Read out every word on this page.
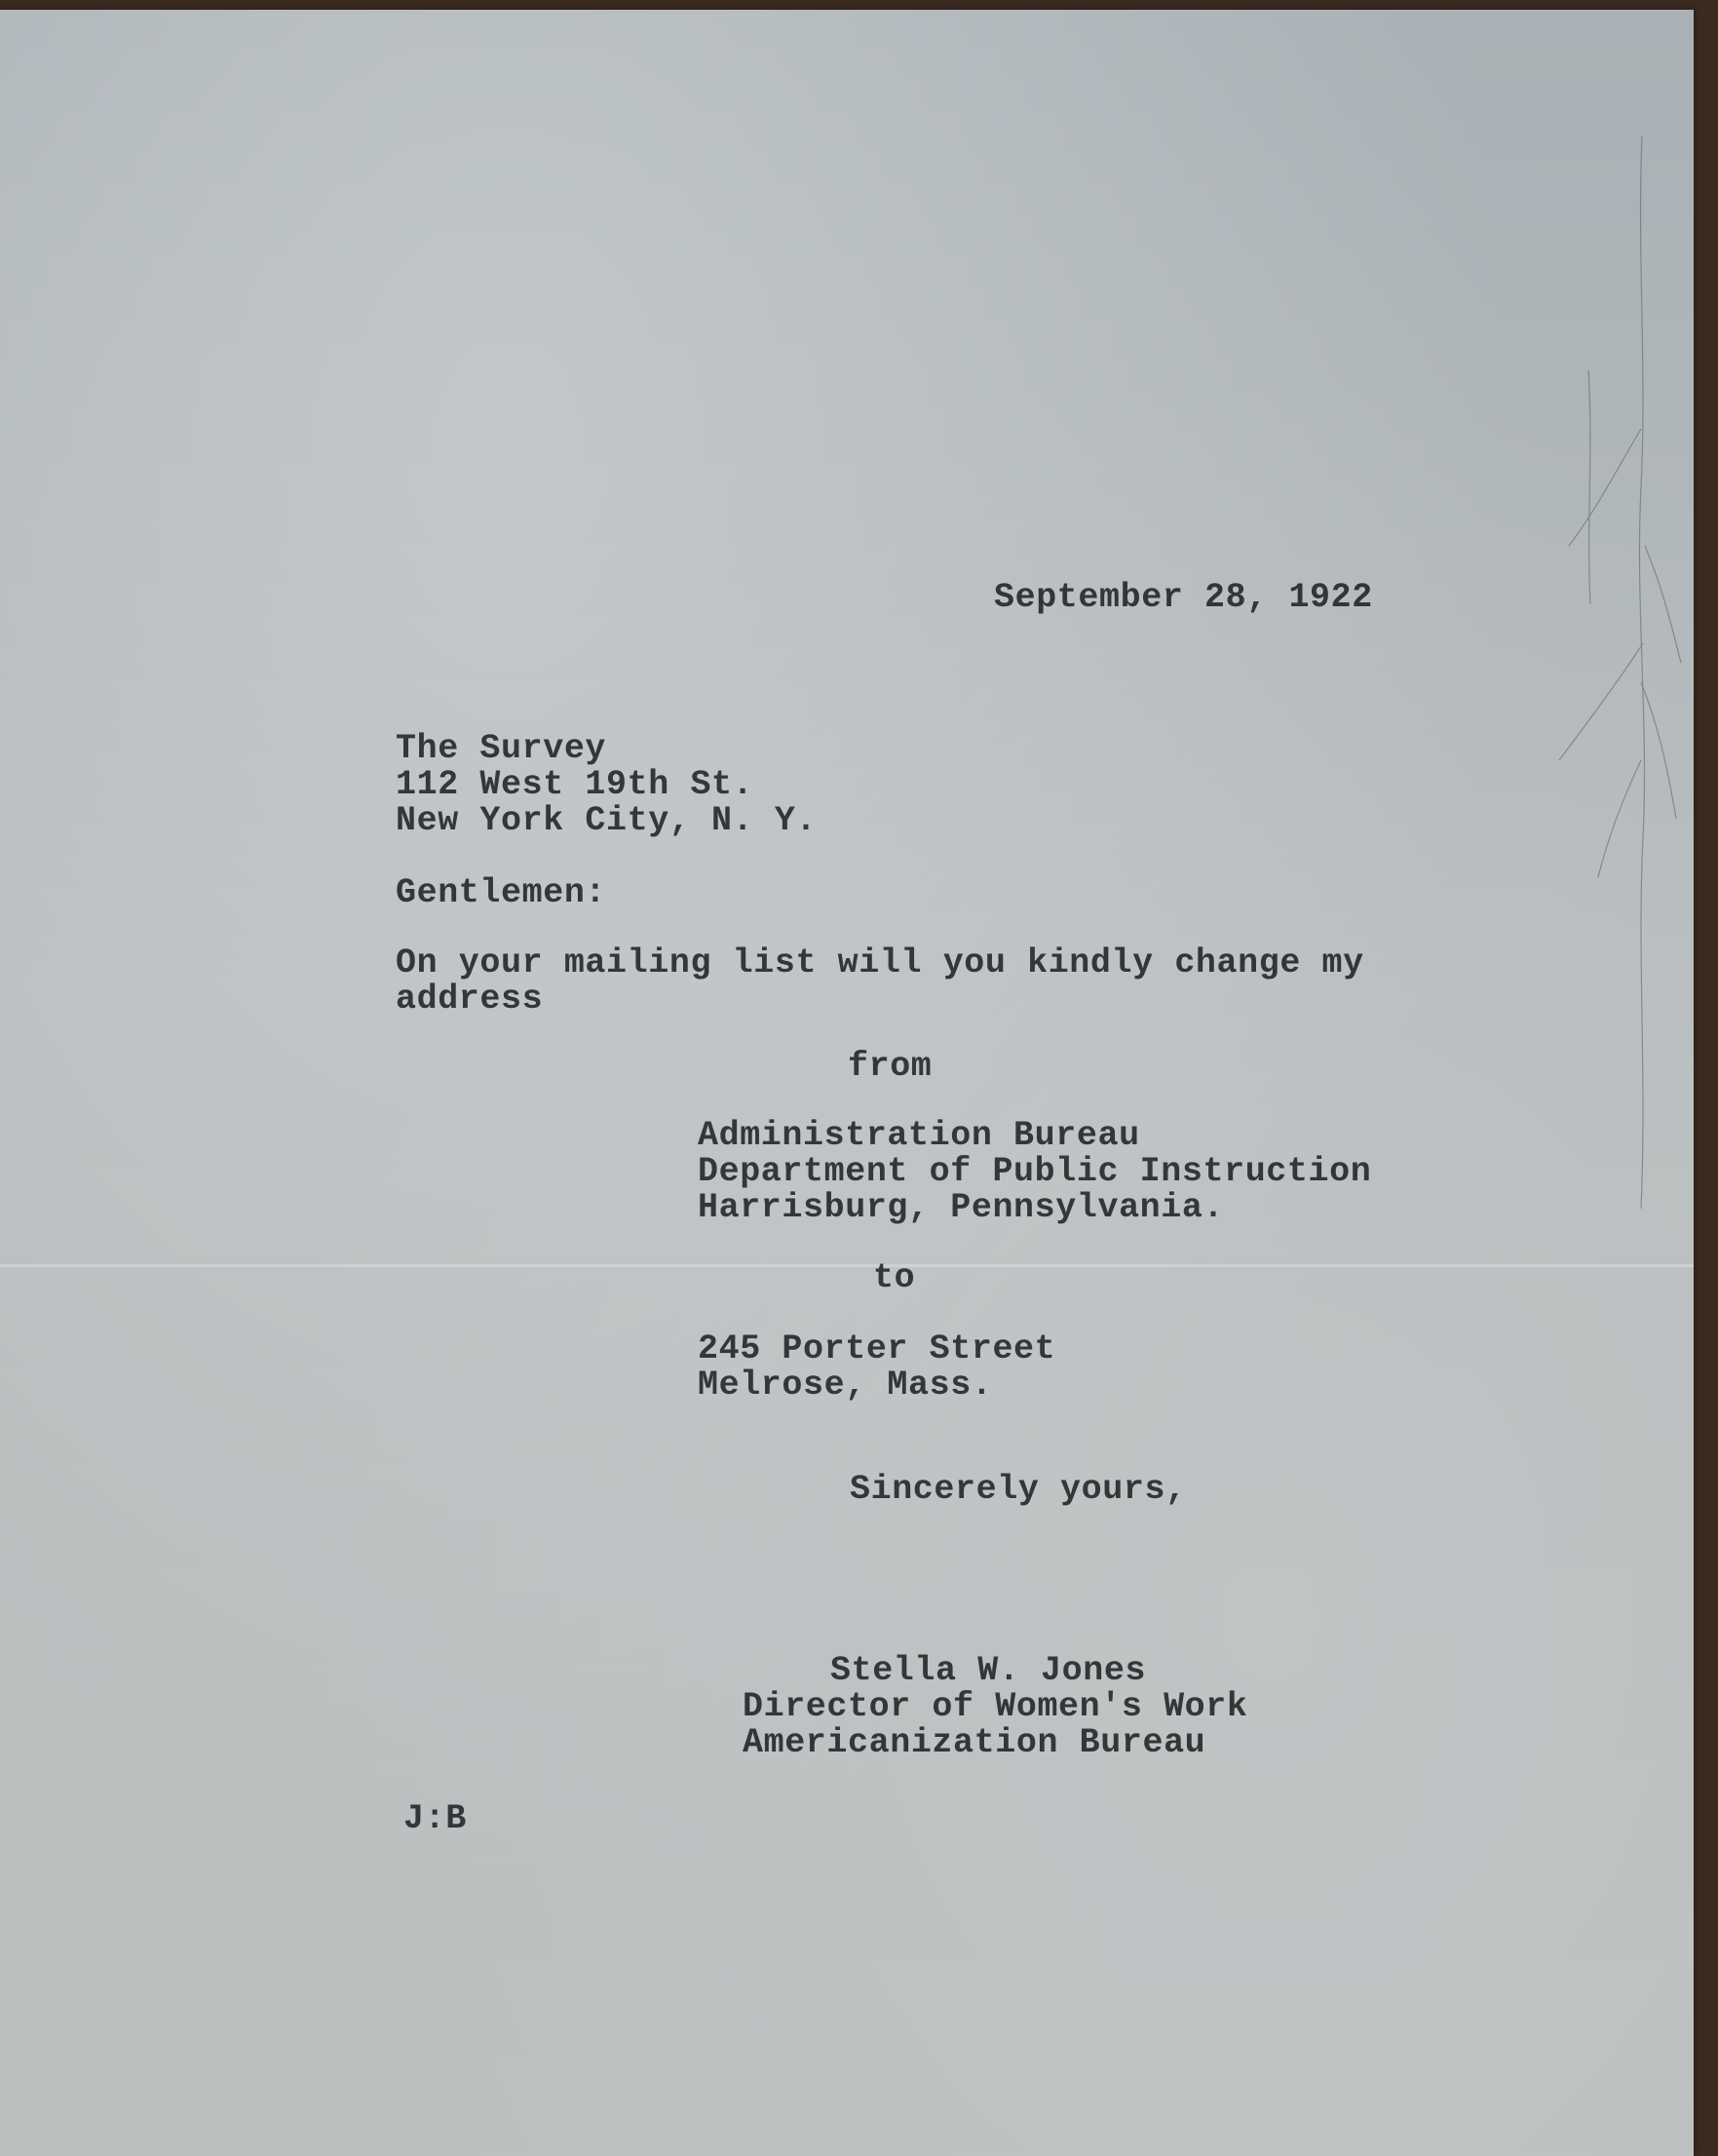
September 28, 1922
The Survey
112 West 19th St.
New York City, N. Y.
Gentlemen:
On your mailing list will you kindly change my
address
from
Administration Bureau
Department of Public Instruction
Harrisburg, Pennsylvania.
to
245 Porter Street
Melrose, Mass.
Sincerely yours,
Stella W. Jones
Director of Women's Work
Americanization Bureau
J:B
